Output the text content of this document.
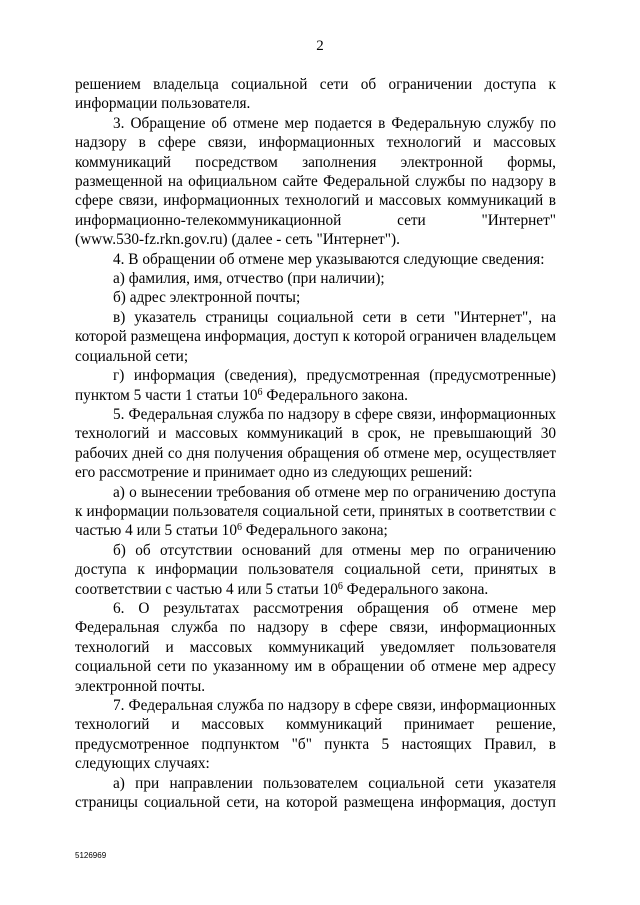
2

решением владельца социальной сети об ограничении доступа к информации пользователя.

3. Обращение об отмене мер подается в Федеральную службу по надзору в сфере связи, информационных технологий и массовых коммуникаций посредством заполнения электронной формы, размещенной на официальном сайте Федеральной службы по надзору в сфере связи, информационных технологий и массовых коммуникаций в информационно-телекоммуникационной сети "Интернет"

(www.530-fz.rkn.gov.ru) (далее - сеть "Интернет").

4. В обращении об отмене мер указываются следующие сведения:

а) фамилия, имя, отчество (при наличии);

б) адрес электронной почты;

в) указатель страницы социальной сети в сети "Интернет", на которой размещена информация, доступ к которой ограничен владельцем социальной сети;

г) информация (сведения), предусмотренная (предусмотренные) пунктом 5 части 1 статьи $10^6$ Федерального закона.

5. Федеральная служба по надзору в сфере связи, информационных технологий и массовых коммуникаций в срок, не превышающий 30 рабочих дней со дня получения обращения об отмене мер, осуществляет его рассмотрение и принимает одно из следующих решений:

а) о вынесении требования об отмене мер по ограничению доступа к информации пользователя социальной сети, принятых в соответствии с частью 4 или 5 статьи $10^6$ Федерального закона;

б) об отсутствии оснований для отмены мер по ограничению доступа к информации пользователя социальной сети, принятых в соответствии с частью 4 или 5 статьи $10^6$ Федерального закона.

6. О результатах рассмотрения обращения об отмене мер Федеральная служба по надзору в сфере связи, информационных технологий и массовых коммуникаций уведомляет пользователя социальной сети по указанному им в обращении об отмене мер адресу электронной почты.

7. Федеральная служба по надзору в сфере связи, информационных технологий и массовых коммуникаций принимает решение, предусмотренное подпунктом "б" пункта 5 настоящих Правил, в следующих случаях:

а) при направлении пользователем социальной сети указателя страницы социальной сети, на которой размещена информация, доступ

5126969
